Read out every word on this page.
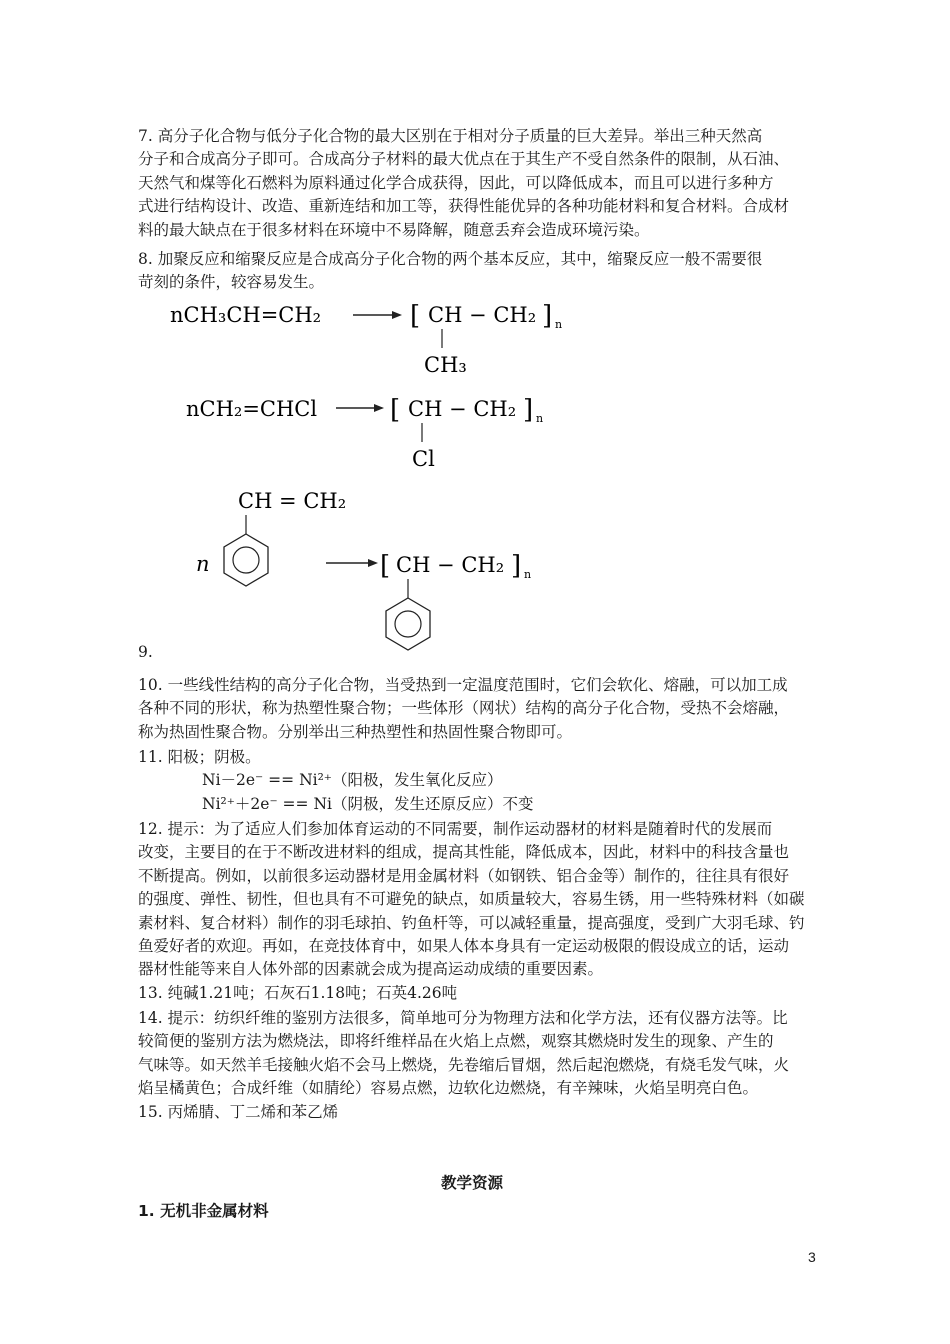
7. 高分子化合物与低分子化合物的最大区别在于相对分子质量的巨大差异。举出三种天然高
分子和合成高分子即可。合成高分子材料的最大优点在于其生产不受自然条件的限制，从石油、
天然气和煤等化石燃料为原料通过化学合成获得，因此，可以降低成本，而且可以进行多种方
式进行结构设计、改造、重新连结和加工等，获得性能优异的各种功能材料和复合材料。合成材
料的最大缺点在于很多材料在环境中不易降解，随意丢弃会造成环境污染。
8. 加聚反应和缩聚反应是合成高分子化合物的两个基本反应，其中，缩聚反应一般不需要很
苛刻的条件，较容易发生。
nCH₃CH=CH₂	[ CH − CH₂ ] n
CH₃
nCH₂=CHCl	[ CH − CH₂ ] n
Cl
CH = CH₂
n	[ CH − CH₂ ] n
9.
10. 一些线性结构的高分子化合物，当受热到一定温度范围时，它们会软化、熔融，可以加工成
各种不同的形状，称为热塑性聚合物；一些体形（网状）结构的高分子化合物，受热不会熔融，
称为热固性聚合物。分别举出三种热塑性和热固性聚合物即可。
11. 阳极；阴极。
Ni－2e⁻ == Ni²⁺（阳极，发生氧化反应）
Ni²⁺＋2e⁻ == Ni（阴极，发生还原反应）不变
12. 提示：为了适应人们参加体育运动的不同需要，制作运动器材的材料是随着时代的发展而
改变，主要目的在于不断改进材料的组成，提高其性能，降低成本，因此，材料中的科技含量也
不断提高。例如，以前很多运动器材是用金属材料（如钢铁、铝合金等）制作的，往往具有很好
的强度、弹性、韧性，但也具有不可避免的缺点，如质量较大，容易生锈，用一些特殊材料（如碳
素材料、复合材料）制作的羽毛球拍、钓鱼杆等，可以减轻重量，提高强度，受到广大羽毛球、钓
鱼爱好者的欢迎。再如，在竞技体育中，如果人体本身具有一定运动极限的假设成立的话，运动
器材性能等来自人体外部的因素就会成为提高运动成绩的重要因素。
13. 纯碱1.21吨；石灰石1.18吨；石英4.26吨
14. 提示：纺织纤维的鉴别方法很多，简单地可分为物理方法和化学方法，还有仪器方法等。比
较简便的鉴别方法为燃烧法，即将纤维样品在火焰上点燃，观察其燃烧时发生的现象、产生的
气味等。如天然羊毛接触火焰不会马上燃烧，先卷缩后冒烟，然后起泡燃烧，有烧毛发气味，火
焰呈橘黄色；合成纤维（如腈纶）容易点燃，边软化边燃烧，有辛辣味，火焰呈明亮白色。
15. 丙烯腈、丁二烯和苯乙烯
教学资源
1. 无机非金属材料
3
